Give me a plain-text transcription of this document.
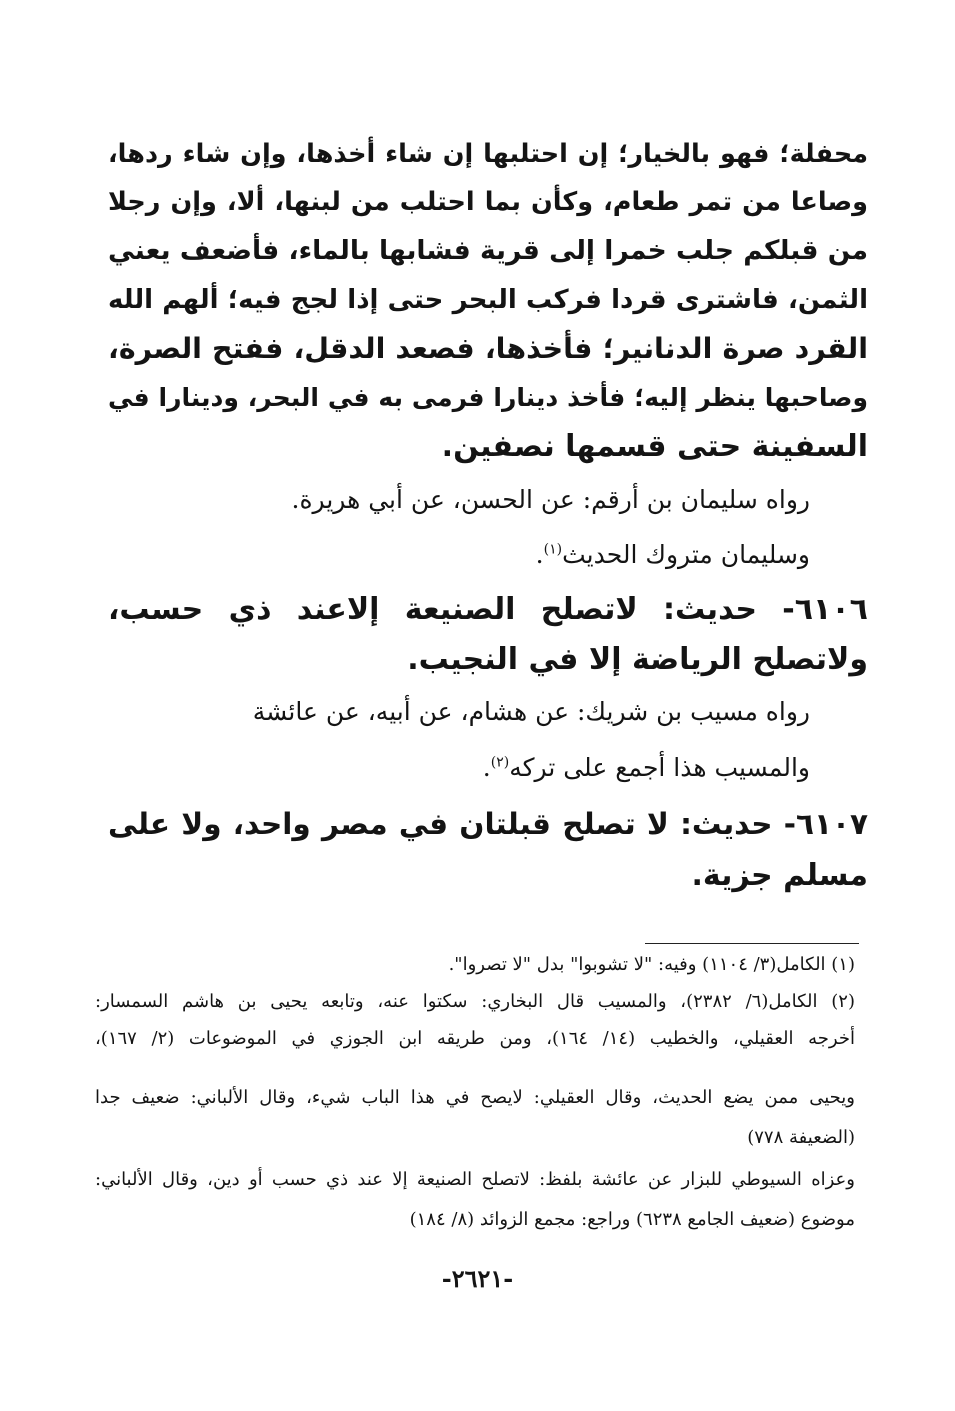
محفلة؛ فهو بالخيار؛ إن احتلبها إن شاء أخذها، وإن شاء ردها،
وصاعا من تمر طعام، وكأن بما احتلب من لبنها، ألا، وإن رجلا
من قبلكم جلب خمرا إلى قرية فشابها بالماء، فأضعف يعني
الثمن، فاشترى قردا فركب البحر حتى إذا لجج فيه؛ ألهم الله
القرد صرة الدنانير؛ فأخذها، فصعد الدقل، ففتح الصرة،
وصاحبها ينظر إليه؛ فأخذ دينارا فرمى به في البحر، ودينارا في
السفينة حتى قسمها نصفين.
رواه سليمان بن أرقم: عن الحسن، عن أبي هريرة.
وسليمان متروك الحديث$^{(١)}$.
٦١٠٦- حديث: لاتصلح الصنيعة إلاعند ذي حسب،
ولاتصلح الرياضة إلا في النجيب.
رواه مسيب بن شريك: عن هشام، عن أبيه، عن عائشة
والمسيب هذا أجمع على تركه$^{(٢)}$.
٦١٠٧- حديث: لا تصلح قبلتان في مصر واحد، ولا على
مسلم جزية.
(١) الكامل(٣/ ١١٠٤) وفيه: "لا تشوبوا" بدل "لا تصروا".
(٢) الكامل(٦/ ٢٣٨٢)، والمسيب قال البخاري: سكتوا عنه، وتابعه يحيى بن هاشم السمسار:
أخرجه العقيلي، والخطيب (١٤/ ١٦٤)، ومن طريقه ابن الجوزي في الموضوعات (٢/ ١٦٧)،
ويحيى ممن يضع الحديث، وقال العقيلي: لايصح في هذا الباب شيء، وقال الألباني: ضعيف جدا
(الضعيفة ٧٧٨)
وعزاه السيوطي للبزار عن عائشة بلفظ: لاتصلح الصنيعة إلا عند ذي حسب أو دين، وقال الألباني:
موضوع (ضعيف الجامع ٦٢٣٨) وراجع: مجمع الزوائد (٨/ ١٨٤)
-٢٦٢١-
